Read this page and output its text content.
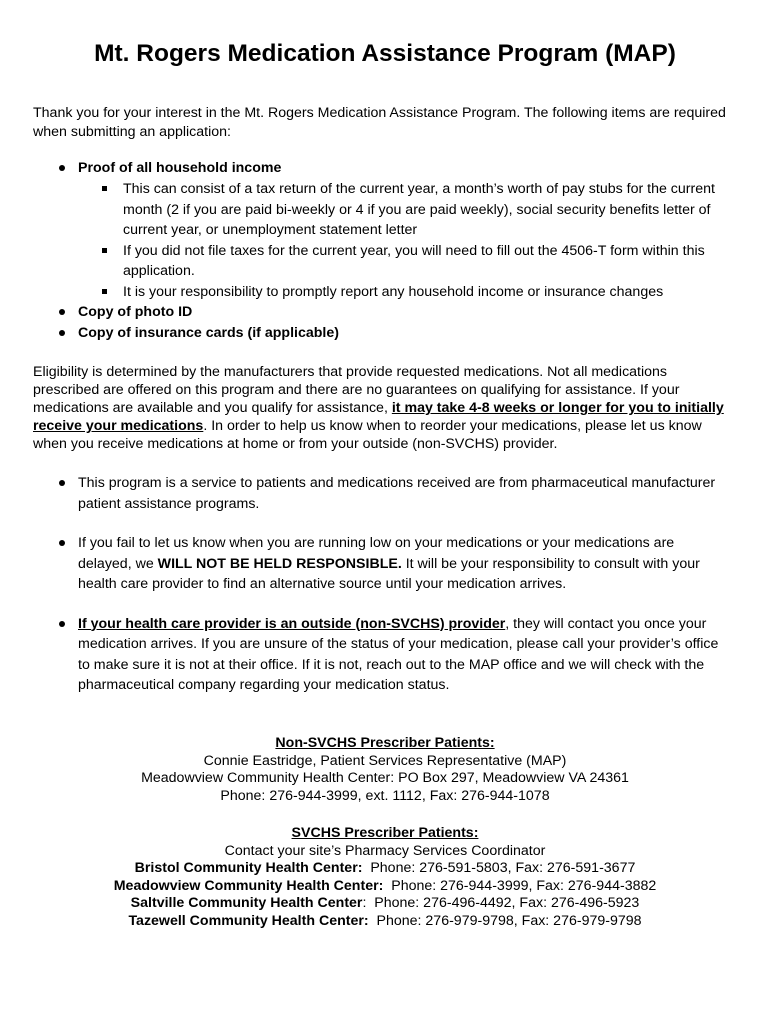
Mt. Rogers Medication Assistance Program (MAP)

Thank you for your interest in the Mt. Rogers Medication Assistance Program. The following items are required when submitting an application:

Proof of all household income
This can consist of a tax return of the current year, a month’s worth of pay stubs for the current month (2 if you are paid bi-weekly or 4 if you are paid weekly), social security benefits letter of current year, or unemployment statement letter
If you did not file taxes for the current year, you will need to fill out the 4506-T form within this application.
It is your responsibility to promptly report any household income or insurance changes
Copy of photo ID
Copy of insurance cards (if applicable)

Eligibility is determined by the manufacturers that provide requested medications. Not all medications prescribed are offered on this program and there are no guarantees on qualifying for assistance. If your medications are available and you qualify for assistance, it may take 4-8 weeks or longer for you to initially receive your medications. In order to help us know when to reorder your medications, please let us know when you receive medications at home or from your outside (non-SVCHS) provider.

This program is a service to patients and medications received are from pharmaceutical manufacturer patient assistance programs.
If you fail to let us know when you are running low on your medications or your medications are delayed, we WILL NOT BE HELD RESPONSIBLE. It will be your responsibility to consult with your health care provider to find an alternative source until your medication arrives.
If your health care provider is an outside (non-SVCHS) provider, they will contact you once your medication arrives. If you are unsure of the status of your medication, please call your provider’s office to make sure it is not at their office. If it is not, reach out to the MAP office and we will check with the pharmaceutical company regarding your medication status.

Non-SVCHS Prescriber Patients:

Connie Eastridge, Patient Services Representative (MAP)

Meadowview Community Health Center: PO Box 297, Meadowview VA 24361

Phone: 276-944-3999, ext. 1112, Fax: 276-944-1078

SVCHS Prescriber Patients:

Contact your site’s Pharmacy Services Coordinator

Bristol Community Health Center:  Phone: 276-591-5803, Fax: 276-591-3677

Meadowview Community Health Center:  Phone: 276-944-3999, Fax: 276-944-3882

Saltville Community Health Center:  Phone: 276-496-4492, Fax: 276-496-5923

Tazewell Community Health Center:  Phone: 276-979-9798, Fax: 276-979-9798
